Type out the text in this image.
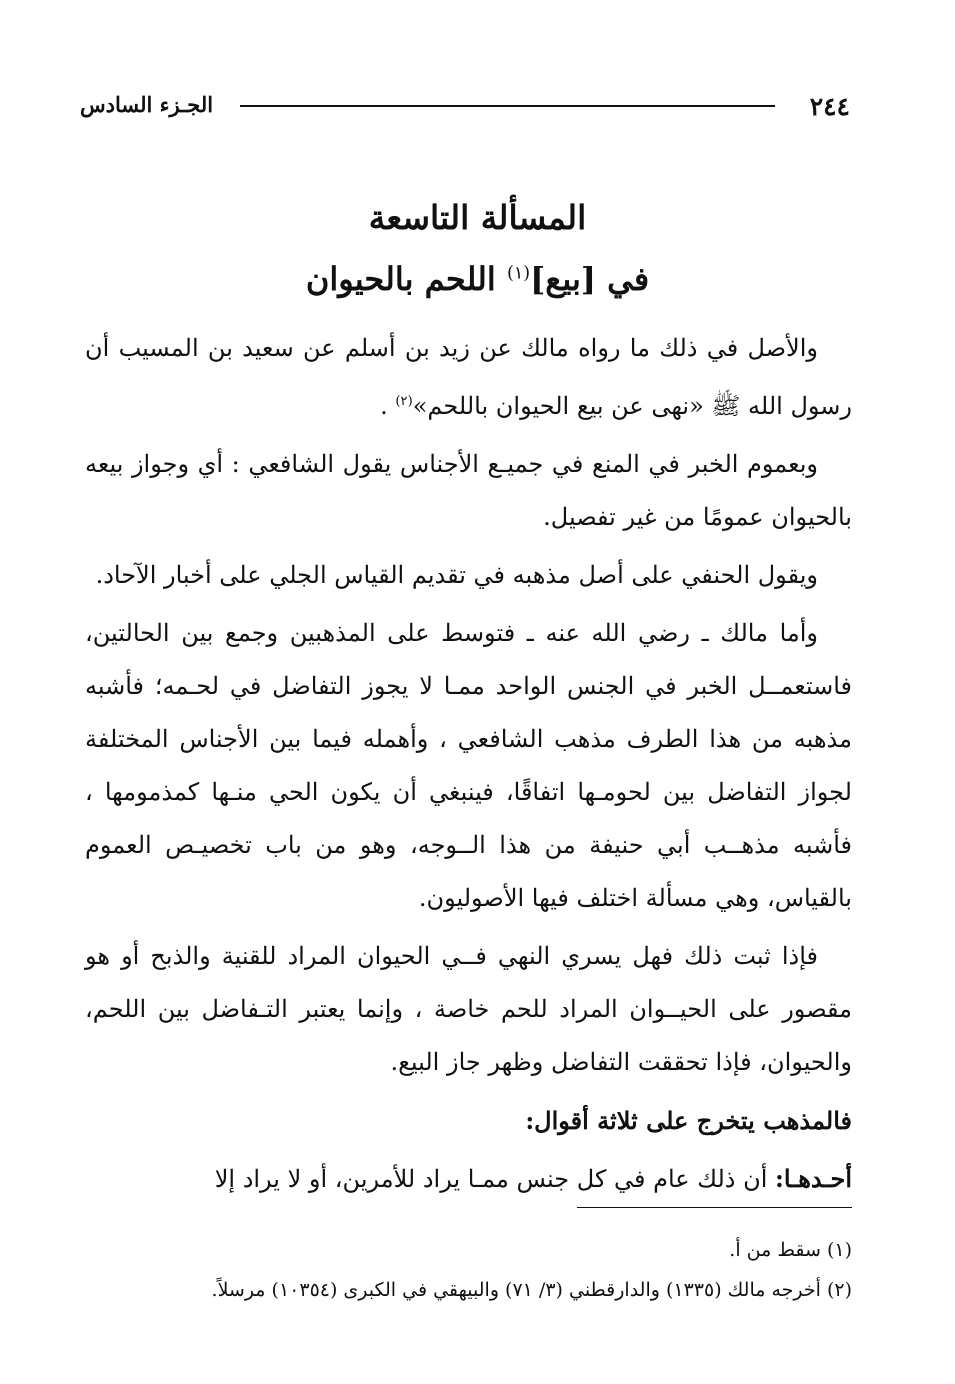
٢٤٤
الجـزء السادس
المسألة التاسعة
في [بيع]$^{(١)}$ اللحم بالحيوان

والأصل في ذلك ما رواه مالك عن زيد بن أسلم عن سعيد بن المسيب أن رسول الله ﷺ «نهى عن بيع الحيوان باللحم»$^{(٢)}$ .

وبعموم الخبر في المنع في جميـع الأجناس يقول الشافعي : أي وجواز بيعه بالحيوان عمومًا من غير تفصيل.

ويقول الحنفي على أصل مذهبه في تقديم القياس الجلي على أخبار الآحاد.

وأما مالك ـ رضي الله عنه ـ فتوسط على المذهبين وجمع بين الحالتين، فاستعمــل الخبر في الجنس الواحد ممـا لا يجوز التفاضل في لحـمه؛ فأشبه مذهبه من هذا الطرف مذهب الشافعي ، وأهمله فيما بين الأجناس المختلفة لجواز التفاضل بين لحومـها اتفاقًا، فينبغي أن يكون الحي منـها كمذمومها ، فأشبه مذهــب أبي حنيفة من هذا الــوجه، وهو من باب تخصيـص العموم بالقياس، وهي مسألة اختلف فيها الأصوليون.

فإذا ثبت ذلك فهل يسري النهي فــي الحيوان المراد للقنية والذبح أو هو مقصور على الحيــوان المراد للحم خاصة ، وإنما يعتبر التـفاضل بين اللحم، والحيوان، فإذا تحققت التفاضل وظهر جاز البيع.

فالمذهب يتخرج على ثلاثة أقوال:

أحـدهـا: أن ذلك عام في كل جنس ممـا يراد للأمرين، أو لا يراد إلا

(١) سقط من أ.
(٢) أخرجه مالك (١٣٣٥) والدارقطني (٣/ ٧١) والبيهقي في الكبرى (١٠٣٥٤) مرسلاً.
